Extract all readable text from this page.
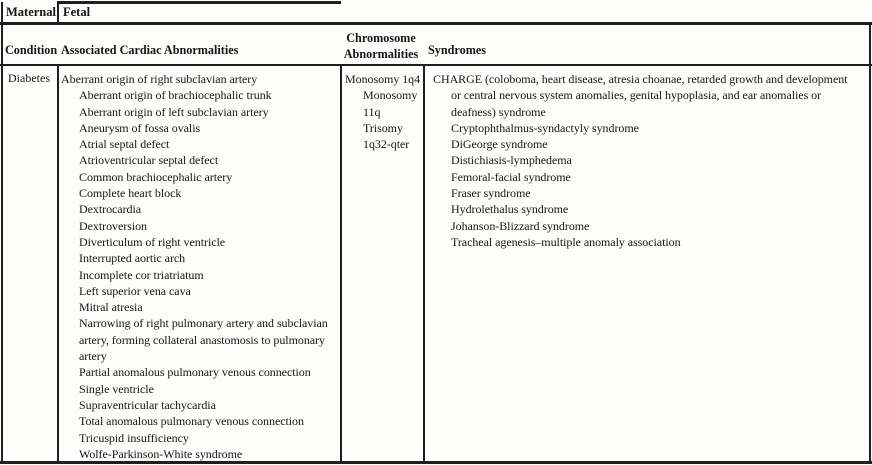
Maternal Fetal
Condition Associated Cardiac Abnormalities
Chromosome
Abnormalities Syndromes
Diabetes Aberrant origin of right subclavian artery
Aberrant origin of brachiocephalic trunk
Aberrant origin of left subclavian artery
Aneurysm of fossa ovalis
Atrial septal defect
Atrioventricular septal defect
Common brachiocephalic artery
Complete heart block
Dextrocardia
Dextroversion
Diverticulum of right ventricle
Interrupted aortic arch
Incomplete cor triatriatum
Left superior vena cava
Mitral atresia
Narrowing of right pulmonary artery and subclavian
artery, forming collateral anastomosis to pulmonary
artery
Partial anomalous pulmonary venous connection
Single ventricle
Supraventricular tachycardia
Total anomalous pulmonary venous connection
Tricuspid insufficiency
Wolfe-Parkinson-White syndrome
Monosomy 1q4
Monosomy
11q
Trisomy
1q32-qter
CHARGE (coloboma, heart disease, atresia choanae, retarded growth and development
or central nervous system anomalies, genital hypoplasia, and ear anomalies or
deafness) syndrome
Cryptophthalmus-syndactyly syndrome
DiGeorge syndrome
Distichiasis-lymphedema
Femoral-facial syndrome
Fraser syndrome
Hydrolethalus syndrome
Johanson-Blizzard syndrome
Tracheal agenesis–multiple anomaly association
